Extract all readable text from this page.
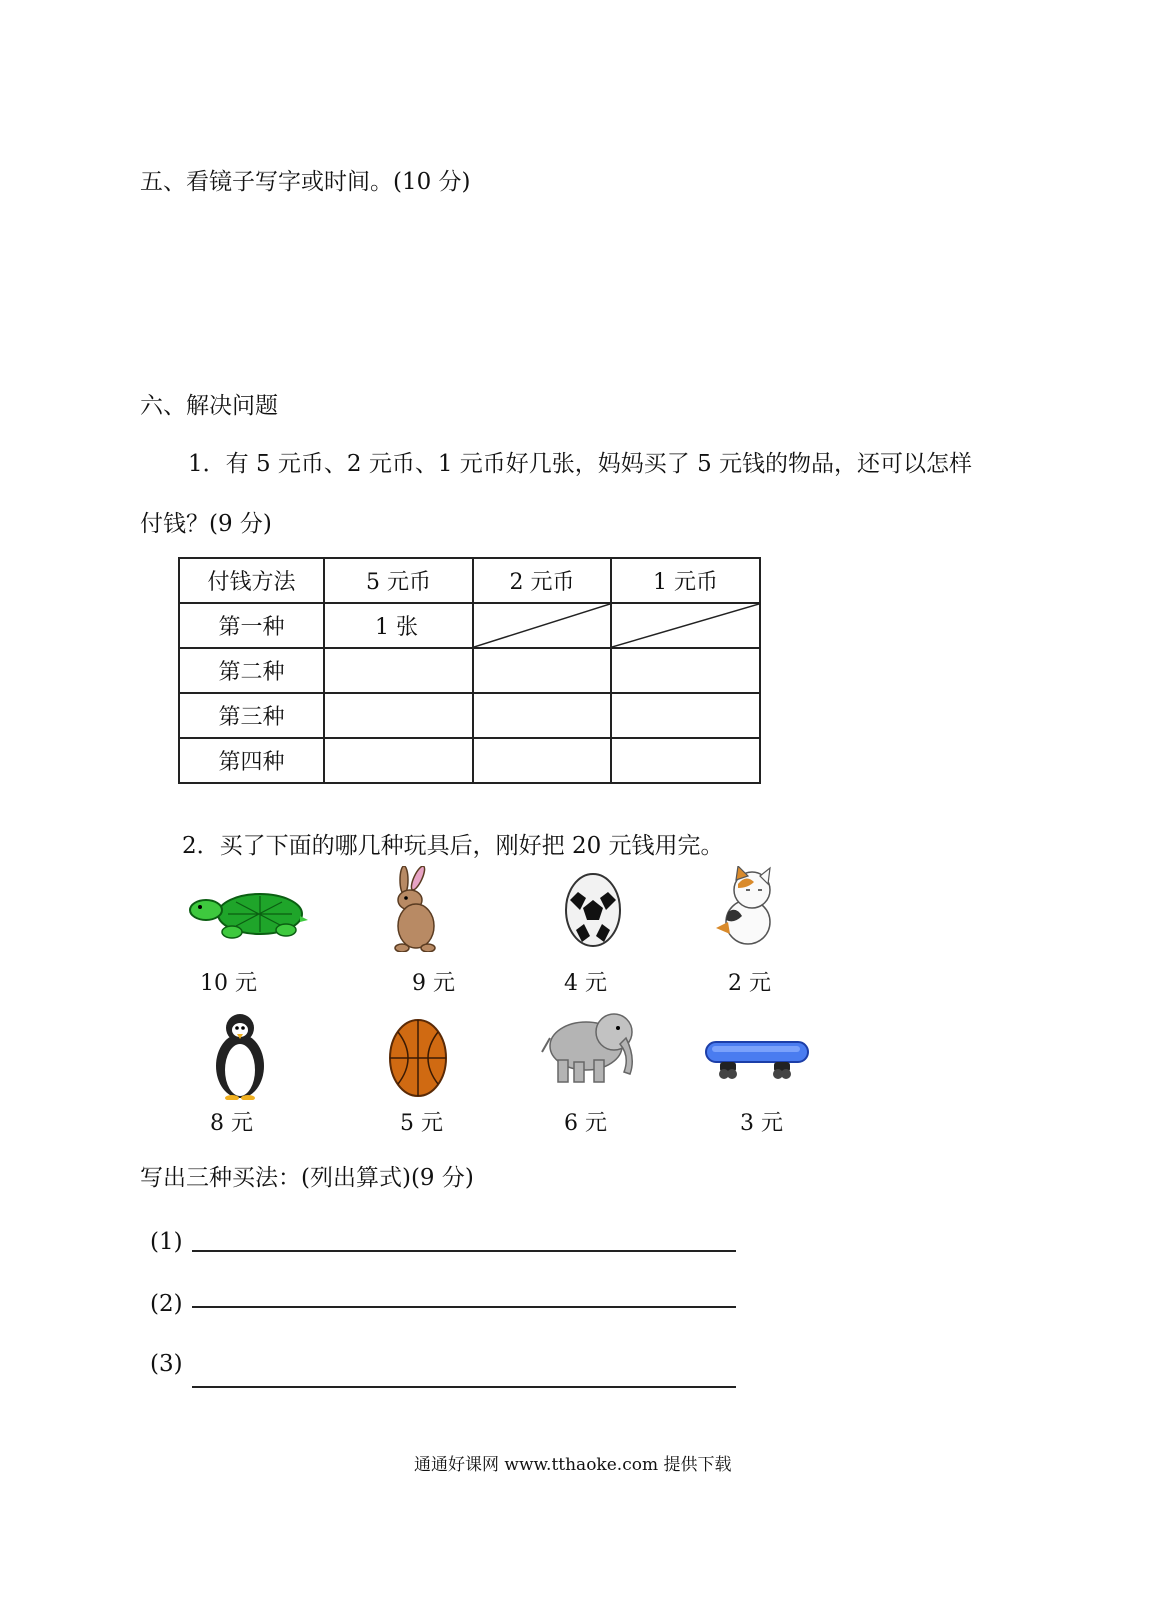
五、看镜子写字或时间。(10 分)
六、解决问题
1．有 5 元币、2 元币、1 元币好几张，妈妈买了 5 元钱的物品，还可以怎样
付钱？(9 分)
付钱方法	5 元币	2 元币	1 元币
第一种	1 张	

第二种			
第三种			
第四种			
2．买了下面的哪几种玩具后，刚好把 20 元钱用完。
10 元	9 元	4 元	2 元
8 元	5 元	6 元	3 元
写出三种买法：(列出算式)(9 分)
(1)
(2)
(3)
通通好课网 www.tthaoke.com 提供下载
